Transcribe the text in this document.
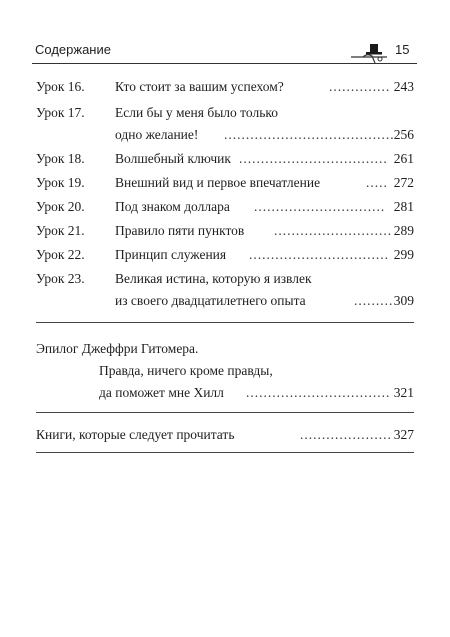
Содержание	15
Урок 16. Кто стоит за вашим успехом?	.............. 243
Урок 17. Если бы у меня было только
одно желание! ....................................... 256
Урок 18. Волшебный ключик .................................. 261
Урок 19. Внешний вид и первое впечатление	..... 272
Урок 20. Под знаком доллара .............................. 281
Урок 21. Правило пяти пунктов ........................... 289
Урок 22. Принцип служения ................................ 299
Урок 23. Великая истина, которую я извлек
из своего двадцатилетнего опыта	......... 309
Эпилог Джеффри Гитомера.
Правда, ничего кроме правды,
да поможет мне Хилл ................................. 321
Книги, которые следует прочитать	..................... 327
